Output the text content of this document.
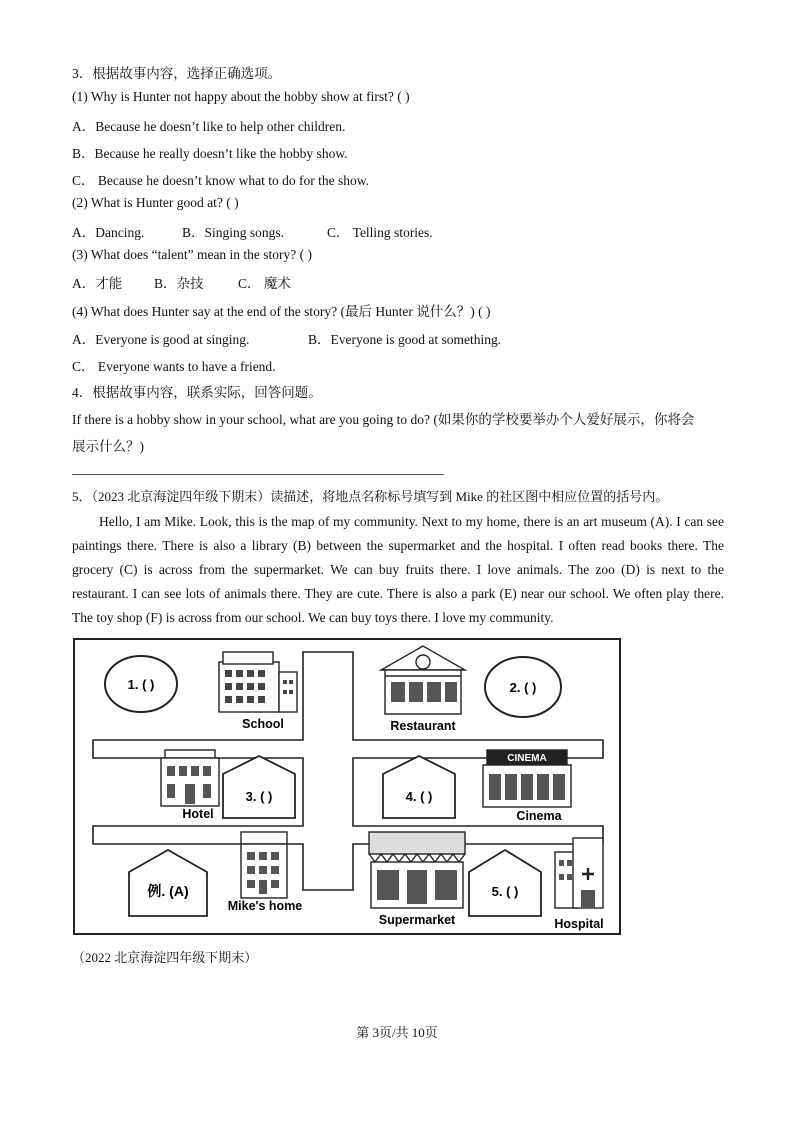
3．根据故事内容，选择正确选项。
(1) Why is Hunter not happy about the hobby show at first? ( )
A．Because he doesn’t like to help other children.
B．Because he really doesn’t like the hobby show.
C． Because he doesn’t know what to do for the show.
(2) What is Hunter good at? ( )
A．Dancing.	B．Singing songs.	C． Telling stories.
(3) What does “talent” mean in the story? ( )
A．才能 B．杂技	C． 魔术
(4) What does Hunter say at the end of the story? (最后 Hunter 说什么？) ( )
A．Everyone is good at singing.	B．Everyone is good at something.
C． Everyone wants to have a friend.
4．根据故事内容，联系实际，回答问题。
If there is a hobby show in your school, what are you going to do? (如果你的学校要举办个人爱好展示，你将会
展示什么？)
5．（2023 北京海淀四年级下期末）读描述，将地点名称标号填写到 Mike 的社区图中相应位置的括号内。
Hello, I am Mike. Look, this is the map of my community. Next to my home, there is an art museum (A). I can see paintings there. There is also a library (B) between the supermarket and the hospital. I often read books there. The grocery (C) is across from the supermarket. We can buy fruits there. I love animals. The zoo (D) is next to the restaurant. I can see lots of animals there. They are cute. There is also a park (E) near our school. We often play there. The toy shop (F) is across from our school. We can buy toys there. I love my community.
1. ( )
School	Restaurant
2. ( )
Hotel
3. ( )	4. ( )
CINEMA
Cinema
例. (A)
Mike's home
Supermarket
5. ( )
Hospital
（2022 北京海淀四年级下期末）
第 3页/共 10页
